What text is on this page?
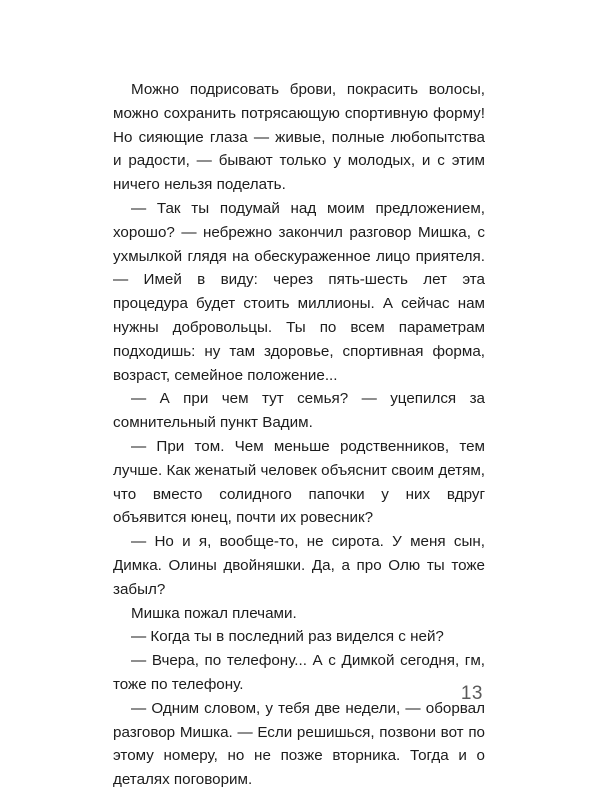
Можно подрисовать брови, покрасить волосы, можно сохранить потрясающую спортивную форму! Но сияющие глаза — живые, полные любопытства и радости, — бывают только у молодых, и с этим ничего нельзя поделать.

— Так ты подумай над моим предложением, хорошо? — небрежно закончил разговор Мишка, с ухмылкой глядя на обескураженное лицо приятеля. — Имей в виду: через пять-шесть лет эта процедура будет стоить миллионы. А сейчас нам нужны добровольцы. Ты по всем параметрам подходишь: ну там здоровье, спортивная форма, возраст, семейное положение...

— А при чем тут семья? — уцепился за сомнительный пункт Вадим.

— При том. Чем меньше родственников, тем лучше. Как женатый человек объяснит своим детям, что вместо солидного папочки у них вдруг объявится юнец, почти их ровесник?

— Но и я, вообще-то, не сирота. У меня сын, Димка. Олины двойняшки. Да, а про Олю ты тоже забыл?

Мишка пожал плечами.

— Когда ты в последний раз виделся с ней?

— Вчера, по телефону... А с Димкой сегодня, гм, тоже по телефону.

— Одним словом, у тебя две недели, — оборвал разговор Мишка. — Если решишься, позвони вот по этому номеру, но не позже вторника. Тогда и о деталях поговорим.

13
